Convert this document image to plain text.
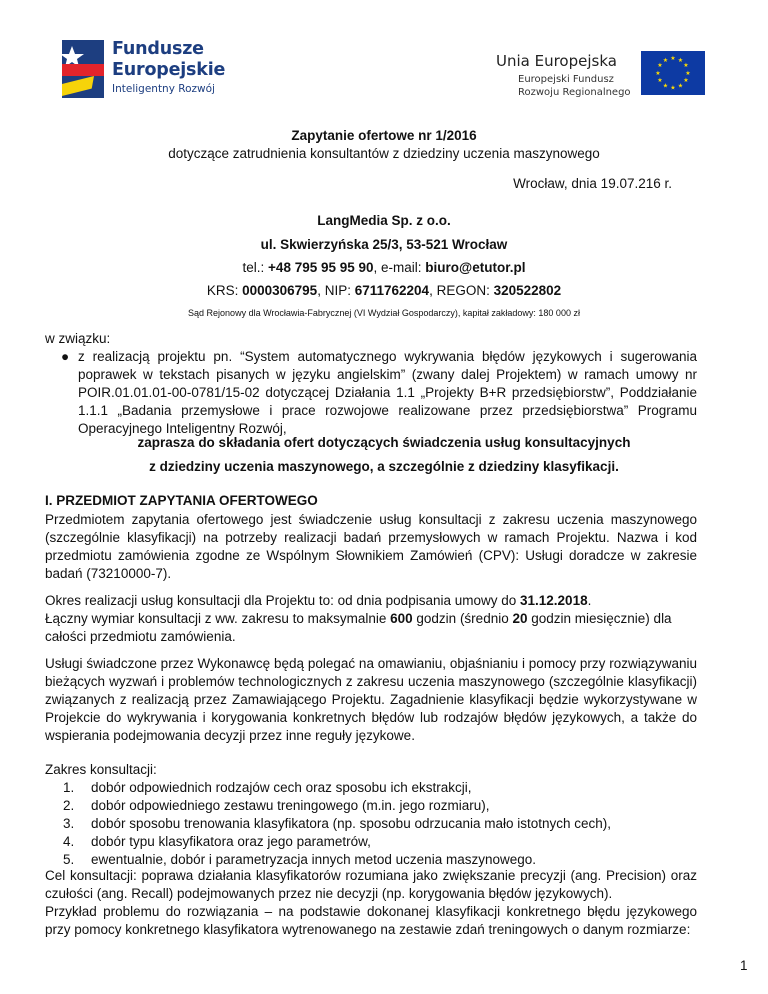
Fundusze
Europejskie
Inteligentny Rozwój
Unia Europejska
Europejski Fundusz
Rozwoju Regionalnego
★ ★
★
★
★
★
★
★
★
★
★
★
Zapytanie ofertowe nr 1/2016
dotyczące zatrudnienia konsultantów z dziedziny uczenia maszynowego
Wrocław, dnia 19.07.216 r.
LangMedia Sp. z o.o.
ul. Skwierzyńska 25/3, 53-521 Wrocław
tel.: +48 795 95 95 90, e-mail: biuro@etutor.pl
KRS: 0000306795, NIP: 6711762204, REGON: 320522802
Sąd Rejonowy dla Wrocławia-Fabrycznej (VI Wydział Gospodarczy), kapitał zakładowy: 180 000 zł
w związku:
● z realizacją projektu pn. “System automatycznego wykrywania błędów językowych i sugerowania poprawek w tekstach pisanych w języku angielskim” (zwany dalej Projektem) w ramach umowy nr POIR.01.01.01-00-0781/15-02 dotyczącej Działania 1.1 „Projekty B+R przedsiębiorstw”, Poddziałanie 1.1.1 „Badania przemysłowe i prace rozwojowe realizowane przez przedsiębiorstwa” Programu Operacyjnego Inteligentny Rozwój,
zaprasza do składania ofert dotyczących świadczenia usług konsultacyjnych
z dziedziny uczenia maszynowego, a szczególnie z dziedziny klasyfikacji.
I. PRZEDMIOT ZAPYTANIA OFERTOWEGO
Przedmiotem zapytania ofertowego jest świadczenie usług konsultacji z zakresu uczenia maszynowego (szczególnie klasyfikacji) na potrzeby realizacji badań przemysłowych w ramach Projektu. Nazwa i kod przedmiotu zamówienia zgodne ze Wspólnym Słownikiem Zamówień (CPV): Usługi doradcze w zakresie badań (73210000-7).
Okres realizacji usług konsultacji dla Projektu to: od dnia podpisania umowy do 31.12.2018.
Łączny wymiar konsultacji z ww. zakresu to maksymalnie 600 godzin (średnio 20 godzin miesięcznie) dla całości przedmiotu zamówienia.
Usługi świadczone przez Wykonawcę będą polegać na omawianiu, objaśnianiu i pomocy przy rozwiązywaniu bieżących wyzwań i problemów technologicznych z zakresu uczenia maszynowego (szczególnie klasyfikacji) związanych z realizacją przez Zamawiającego Projektu. Zagadnienie klasyfikacji będzie wykorzystywane w Projekcie do wykrywania i korygowania konkretnych błędów lub rodzajów błędów językowych, a także do wspierania podejmowania decyzji przez inne reguły językowe.
Zakres konsultacji:
1. dobór odpowiednich rodzajów cech oraz sposobu ich ekstrakcji,
2. dobór odpowiedniego zestawu treningowego (m.in. jego rozmiaru),
3. dobór sposobu trenowania klasyfikatora (np. sposobu odrzucania mało istotnych cech),
4. dobór typu klasyfikatora oraz jego parametrów,
5. ewentualnie, dobór i parametryzacja innych metod uczenia maszynowego.
Cel konsultacji: poprawa działania klasyfikatorów rozumiana jako zwiększanie precyzji (ang. Precision) oraz czułości (ang. Recall) podejmowanych przez nie decyzji (np. korygowania błędów językowych).
Przykład problemu do rozwiązania – na podstawie dokonanej klasyfikacji konkretnego błędu językowego przy pomocy konkretnego klasyfikatora wytrenowanego na zestawie zdań treningowych o danym rozmiarze:
1
